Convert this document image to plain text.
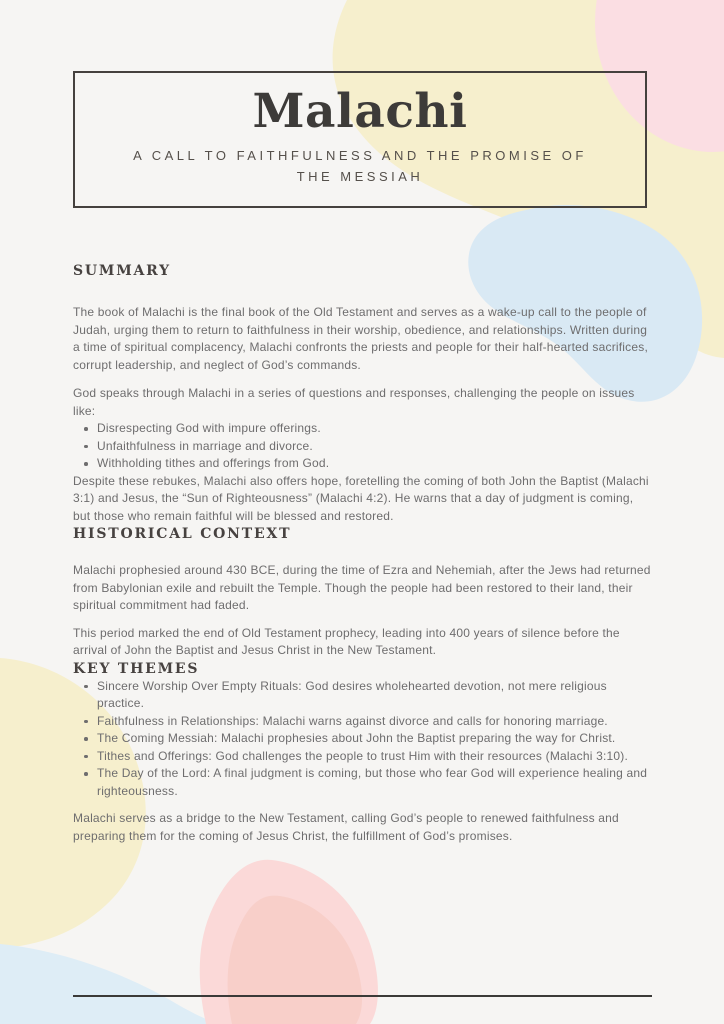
Malachi

A CALL TO FAITHFULNESS AND THE PROMISE OF THE MESSIAH

SUMMARY

The book of Malachi is the final book of the Old Testament and serves as a wake-up call to the people of Judah, urging them to return to faithfulness in their worship, obedience, and relationships. Written during a time of spiritual complacency, Malachi confronts the priests and people for their half-hearted sacrifices, corrupt leadership, and neglect of God’s commands.

God speaks through Malachi in a series of questions and responses, challenging the people on issues like:

Disrespecting God with impure offerings.
Unfaithfulness in marriage and divorce.
Withholding tithes and offerings from God.

Despite these rebukes, Malachi also offers hope, foretelling the coming of both John the Baptist (Malachi 3:1) and Jesus, the “Sun of Righteousness” (Malachi 4:2). He warns that a day of judgment is coming, but those who remain faithful will be blessed and restored.

HISTORICAL CONTEXT

Malachi prophesied around 430 BCE, during the time of Ezra and Nehemiah, after the Jews had returned from Babylonian exile and rebuilt the Temple. Though the people had been restored to their land, their spiritual commitment had faded.

This period marked the end of Old Testament prophecy, leading into 400 years of silence before the arrival of John the Baptist and Jesus Christ in the New Testament.

KEY THEMES
Sincere Worship Over Empty Rituals: God desires wholehearted devotion, not mere religious practice.
Faithfulness in Relationships: Malachi warns against divorce and calls for honoring marriage.
The Coming Messiah: Malachi prophesies about John the Baptist preparing the way for Christ.
Tithes and Offerings: God challenges the people to trust Him with their resources (Malachi 3:10).
The Day of the Lord: A final judgment is coming, but those who fear God will experience healing and righteousness.

Malachi serves as a bridge to the New Testament, calling God’s people to renewed faithfulness and preparing them for the coming of Jesus Christ, the fulfillment of God’s promises.
